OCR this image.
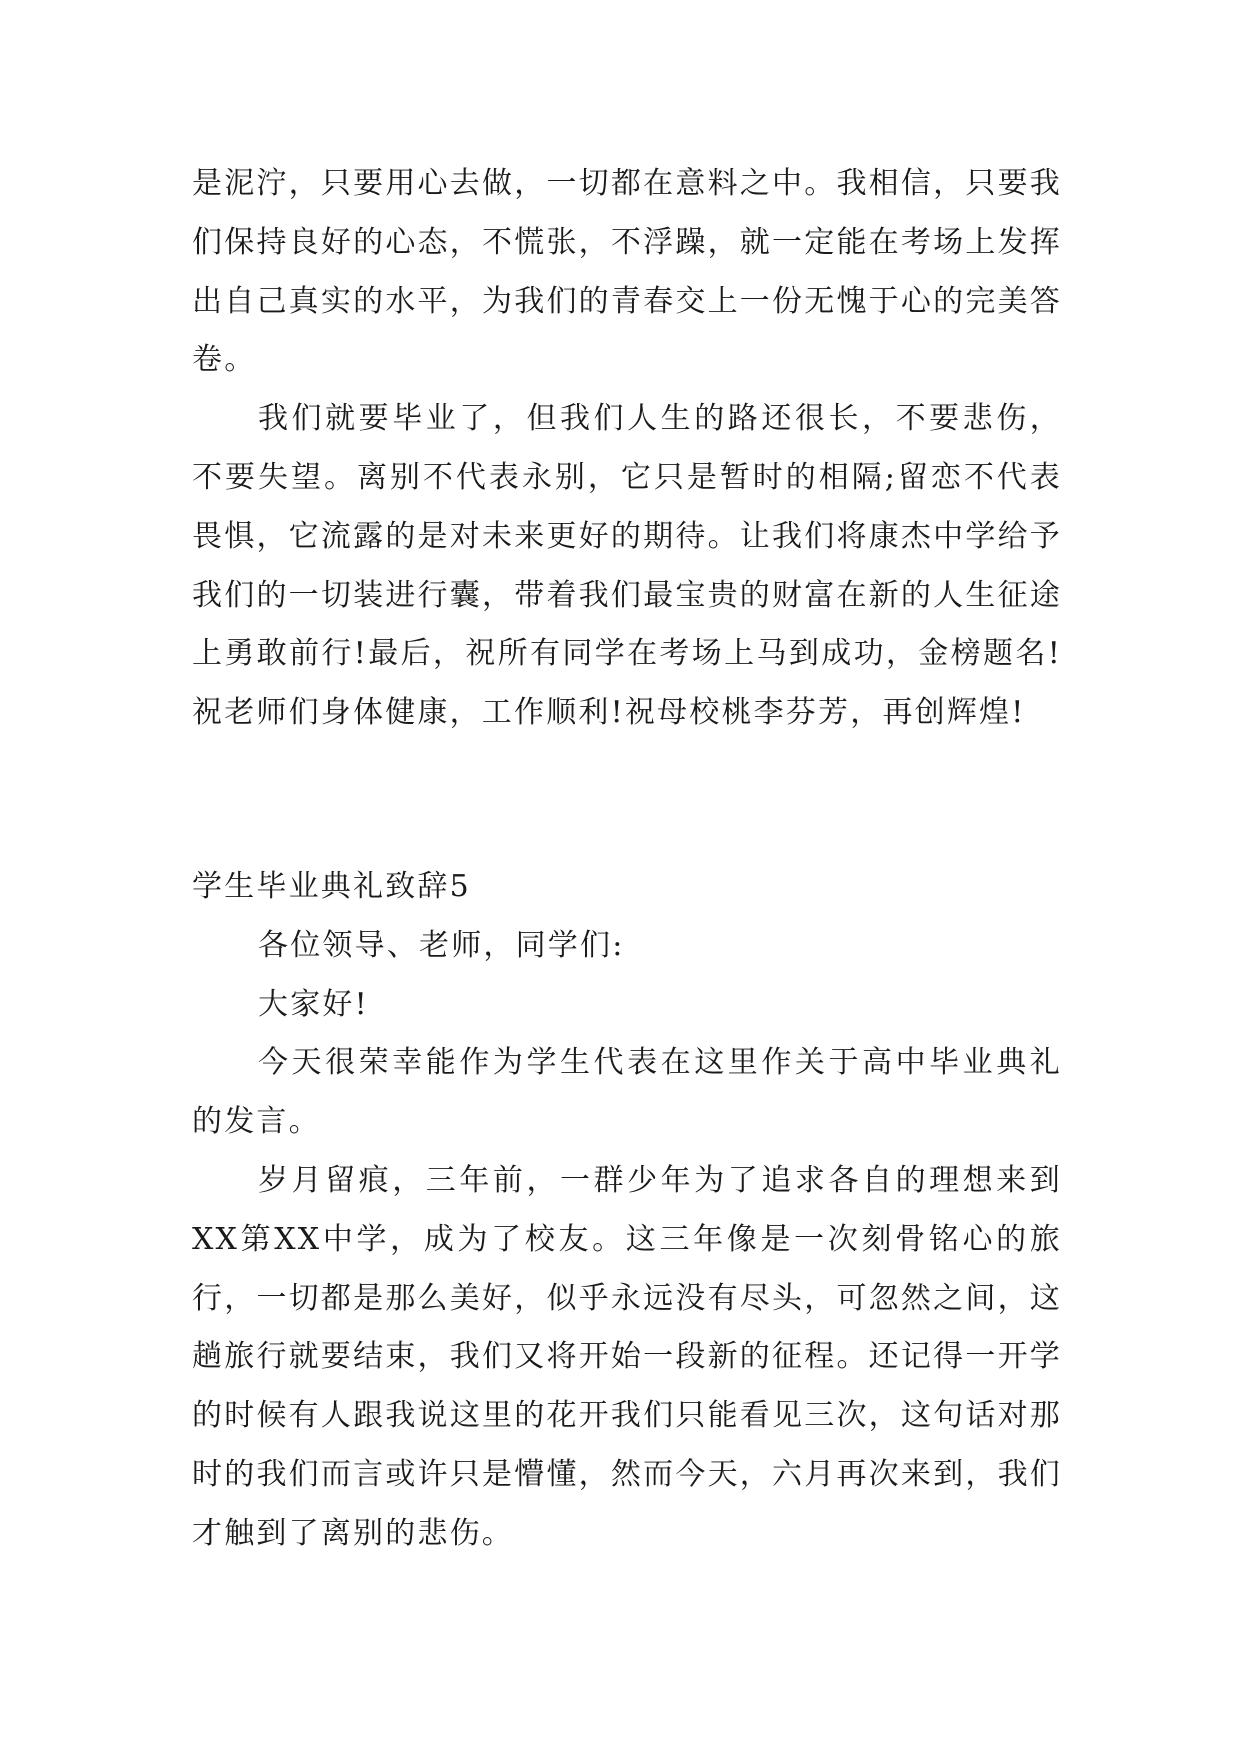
是泥泞，只要用心去做，一切都在意料之中。我相信，只要我们保持良好的心态，不慌张，不浮躁，就一定能在考场上发挥出自己真实的水平，为我们的青春交上一份无愧于心的完美答卷。

我们就要毕业了，但我们人生的路还很长，不要悲伤，不要失望。离别不代表永别，它只是暂时的相隔;留恋不代表畏惧，它流露的是对未来更好的期待。让我们将康杰中学给予我们的一切装进行囊，带着我们最宝贵的财富在新的人生征途上勇敢前行!最后，祝所有同学在考场上马到成功，金榜题名!祝老师们身体健康，工作顺利!祝母校桃李芬芳，再创辉煌!

学生毕业典礼致辞5

各位领导、老师，同学们:

大家好!

今天很荣幸能作为学生代表在这里作关于高中毕业典礼的发言。

岁月留痕，三年前，一群少年为了追求各自的理想来到XX第XX中学，成为了校友。这三年像是一次刻骨铭心的旅行，一切都是那么美好，似乎永远没有尽头，可忽然之间，这趟旅行就要结束，我们又将开始一段新的征程。还记得一开学的时候有人跟我说这里的花开我们只能看见三次，这句话对那时的我们而言或许只是懵懂，然而今天，六月再次来到，我们才触到了离别的悲伤。
